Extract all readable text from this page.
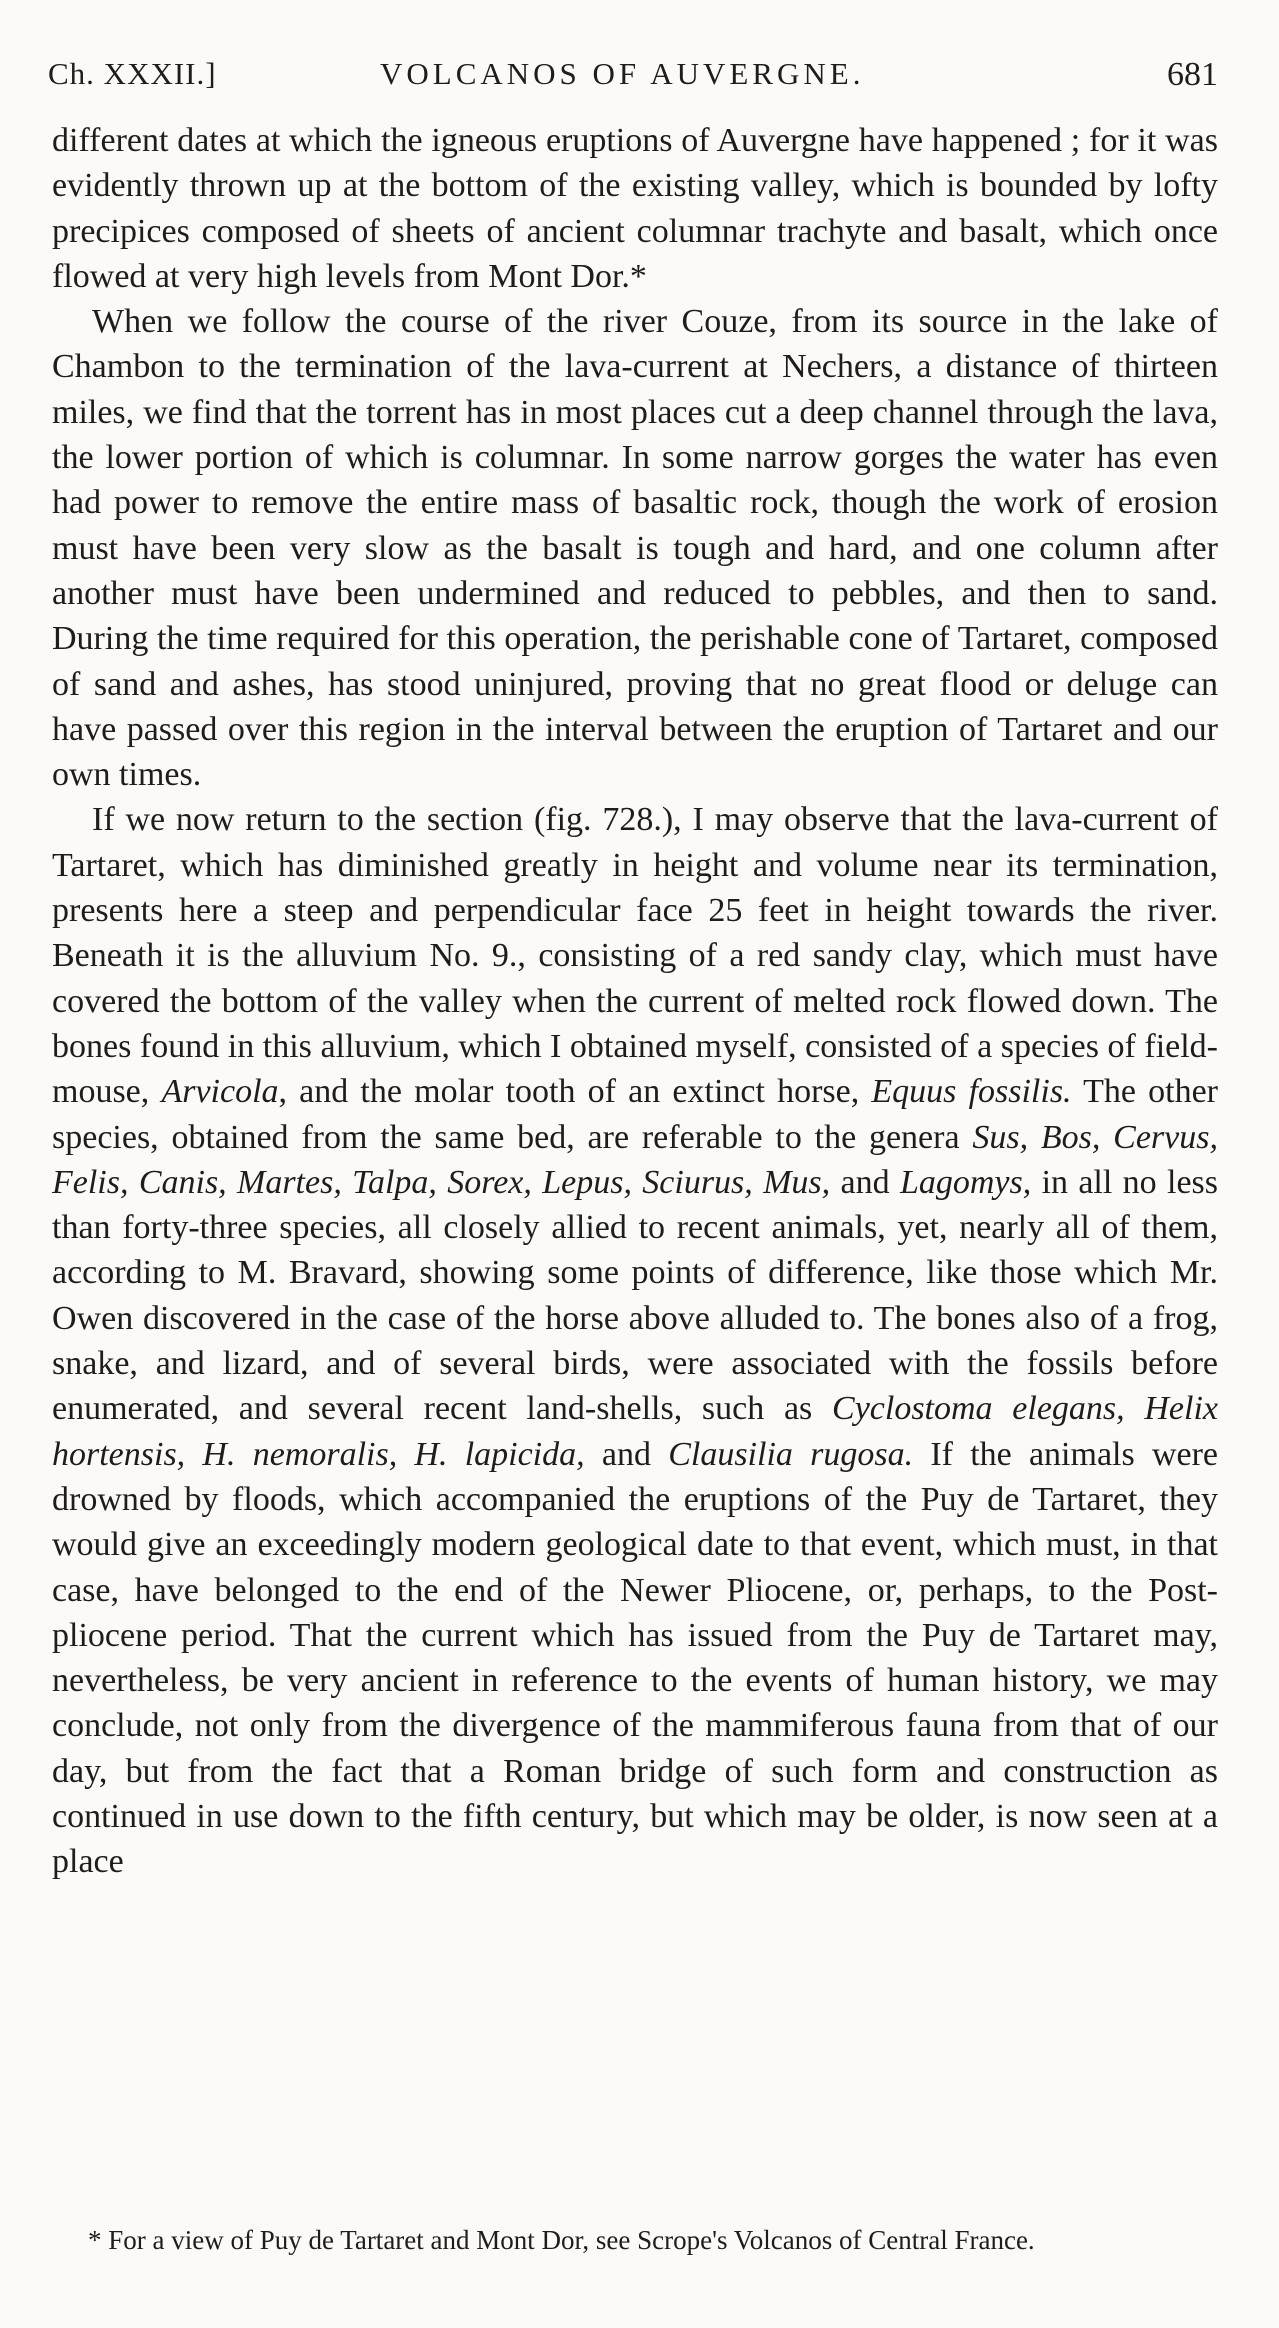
Ch. XXXII.]	VOLCANOS OF AUVERGNE.	681

different dates at which the igneous eruptions of Auvergne have happened ; for it was evidently thrown up at the bottom of the existing valley, which is bounded by lofty precipices composed of sheets of ancient columnar trachyte and basalt, which once flowed at very high levels from Mont Dor.*

When we follow the course of the river Couze, from its source in the lake of Chambon to the termination of the lava-current at Nechers, a distance of thirteen miles, we find that the torrent has in most places cut a deep channel through the lava, the lower portion of which is columnar. In some narrow gorges the water has even had power to remove the entire mass of basaltic rock, though the work of erosion must have been very slow as the basalt is tough and hard, and one column after another must have been undermined and reduced to pebbles, and then to sand. During the time required for this operation, the perishable cone of Tartaret, composed of sand and ashes, has stood uninjured, proving that no great flood or deluge can have passed over this region in the interval between the eruption of Tartaret and our own times.

If we now return to the section (fig. 728.), I may observe that the lava-current of Tartaret, which has diminished greatly in height and volume near its termination, presents here a steep and perpendicular face 25 feet in height towards the river. Beneath it is the alluvium No. 9., consisting of a red sandy clay, which must have covered the bottom of the valley when the current of melted rock flowed down. The bones found in this alluvium, which I obtained myself, consisted of a species of field-mouse, Arvicola, and the molar tooth of an extinct horse, Equus fossilis. The other species, obtained from the same bed, are referable to the genera Sus, Bos, Cervus, Felis, Canis, Martes, Talpa, Sorex, Lepus, Sciurus, Mus, and Lagomys, in all no less than forty-three species, all closely allied to recent animals, yet, nearly all of them, according to M. Bravard, showing some points of difference, like those which Mr. Owen discovered in the case of the horse above alluded to. The bones also of a frog, snake, and lizard, and of several birds, were associated with the fossils before enumerated, and several recent land-shells, such as Cyclostoma elegans, Helix hortensis, H. nemoralis, H. lapicida, and Clausilia rugosa. If the animals were drowned by floods, which accompanied the eruptions of the Puy de Tartaret, they would give an exceedingly modern geological date to that event, which must, in that case, have belonged to the end of the Newer Pliocene, or, perhaps, to the Post-pliocene period. That the current which has issued from the Puy de Tartaret may, nevertheless, be very ancient in reference to the events of human history, we may conclude, not only from the divergence of the mammiferous fauna from that of our day, but from the fact that a Roman bridge of such form and construction as continued in use down to the fifth century, but which may be older, is now seen at a place

* For a view of Puy de Tartaret and Mont Dor, see Scrope's Volcanos of Central France.
